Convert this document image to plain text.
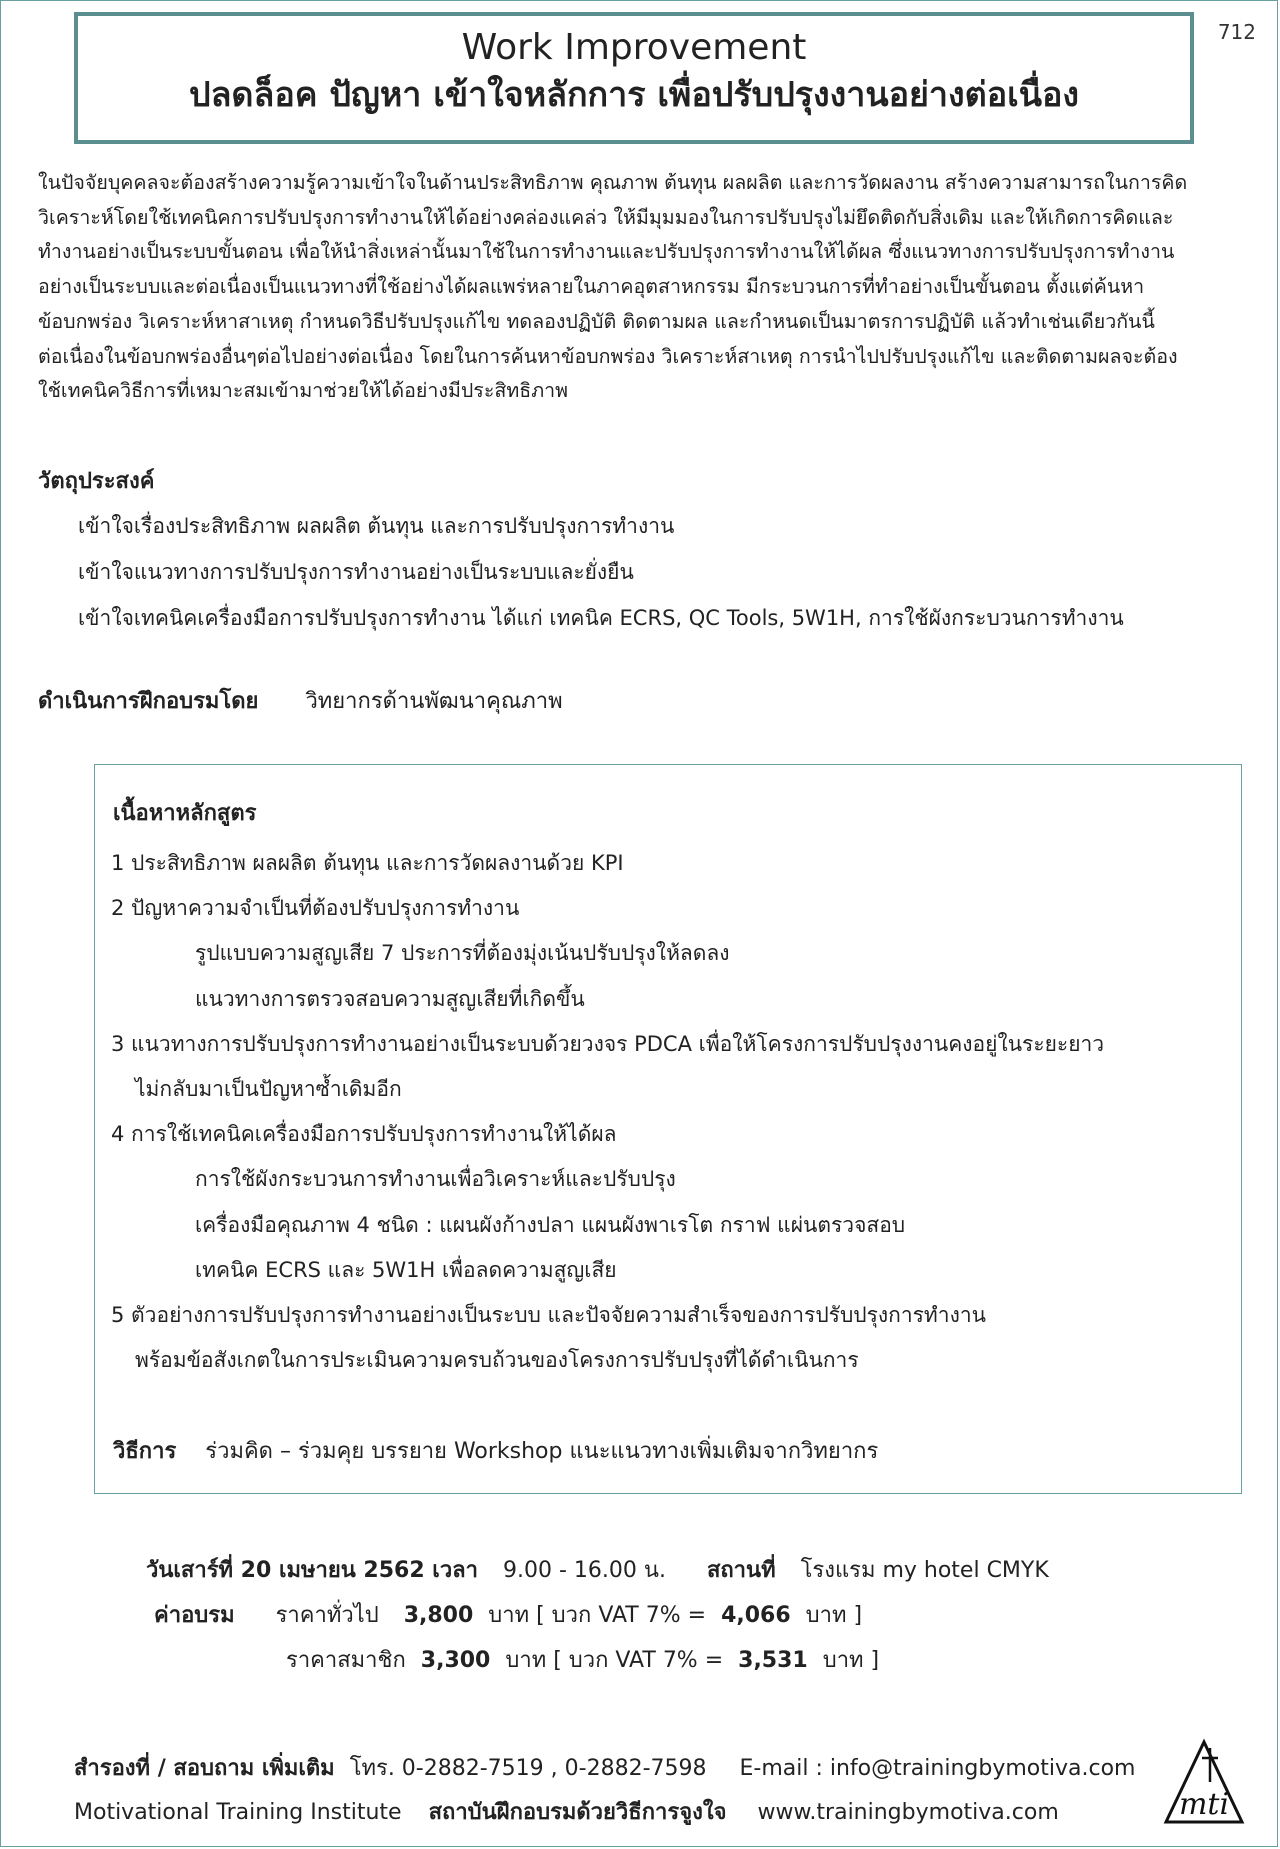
712
Work Improvement
ปลดล็อค ปัญหา เข้าใจหลักการ เพื่อปรับปรุงงานอย่างต่อเนื่อง

ในปัจจัยบุคคลจะต้องสร้างความรู้ความเข้าใจในด้านประสิทธิภาพ คุณภาพ ต้นทุน ผลผลิต และการวัดผลงาน สร้างความสามารถในการคิด

วิเคราะห์โดยใช้เทคนิคการปรับปรุงการทำงานให้ได้อย่างคล่องแคล่ว ให้มีมุมมองในการปรับปรุงไม่ยึดติดกับสิ่งเดิม และให้เกิดการคิดและ

ทำงานอย่างเป็นระบบขั้นตอน เพื่อให้นำสิ่งเหล่านั้นมาใช้ในการทำงานและปรับปรุงการทำงานให้ได้ผล ซึ่งแนวทางการปรับปรุงการทำงาน

อย่างเป็นระบบและต่อเนื่องเป็นแนวทางที่ใช้อย่างได้ผลแพร่หลายในภาคอุตสาหกรรม มีกระบวนการที่ทำอย่างเป็นขั้นตอน ตั้งแต่ค้นหา

ข้อบกพร่อง วิเคราะห์หาสาเหตุ กำหนดวิธีปรับปรุงแก้ไข ทดลองปฏิบัติ ติดตามผล และกำหนดเป็นมาตรการปฏิบัติ แล้วทำเช่นเดียวกันนี้

ต่อเนื่องในข้อบกพร่องอื่นๆต่อไปอย่างต่อเนื่อง โดยในการค้นหาข้อบกพร่อง วิเคราะห์สาเหตุ การนำไปปรับปรุงแก้ไข และติดตามผลจะต้อง

ใช้เทคนิควิธีการที่เหมาะสมเข้ามาช่วยให้ได้อย่างมีประสิทธิภาพ

วัตถุประสงค์
เข้าใจเรื่องประสิทธิภาพ ผลผลิต ต้นทุน และการปรับปรุงการทำงาน
เข้าใจแนวทางการปรับปรุงการทำงานอย่างเป็นระบบและยั่งยืน
เข้าใจเทคนิคเครื่องมือการปรับปรุงการทำงาน ได้แก่ เทคนิค ECRS, QC Tools, 5W1H, การใช้ผังกระบวนการทำงาน
ดำเนินการฝึกอบรมโดย วิทยากรด้านพัฒนาคุณภาพ
เนื้อหาหลักสูตร
1 ประสิทธิภาพ ผลผลิต ต้นทุน และการวัดผลงานด้วย KPI
2 ปัญหาความจำเป็นที่ต้องปรับปรุงการทำงาน
รูปแบบความสูญเสีย 7 ประการที่ต้องมุ่งเน้นปรับปรุงให้ลดลง
แนวทางการตรวจสอบความสูญเสียที่เกิดขึ้น
3 แนวทางการปรับปรุงการทำงานอย่างเป็นระบบด้วยวงจร PDCA เพื่อให้โครงการปรับปรุงงานคงอยู่ในระยะยาว
ไม่กลับมาเป็นปัญหาซ้ำเดิมอีก
4 การใช้เทคนิคเครื่องมือการปรับปรุงการทำงานให้ได้ผล
การใช้ผังกระบวนการทำงานเพื่อวิเคราะห์และปรับปรุง
เครื่องมือคุณภาพ 4 ชนิด : แผนผังก้างปลา แผนผังพาเรโต กราฟ แผ่นตรวจสอบ
เทคนิค ECRS และ 5W1H เพื่อลดความสูญเสีย
5 ตัวอย่างการปรับปรุงการทำงานอย่างเป็นระบบ และปัจจัยความสำเร็จของการปรับปรุงการทำงาน
พร้อมข้อสังเกตในการประเมินความครบถ้วนของโครงการปรับปรุงที่ได้ดำเนินการ
วิธีการ ร่วมคิด – ร่วมคุย บรรยาย Workshop แนะแนวทางเพิ่มเติมจากวิทยากร
วันเสาร์ที่ 20 เมษายน 2562 เวลา 9.00 - 16.00 น. สถานที่ โรงแรม my hotel CMYK
ค่าอบรม ราคาทั่วไป 3,800 บาท [ บวก VAT 7% = 4,066 บาท ]
ราคาสมาชิก 3,300 บาท [ บวก VAT 7% = 3,531 บาท ]
สำรองที่ / สอบถาม เพิ่มเติม โทร. 0-2882-7519 , 0-2882-7598 E-mail : info@trainingbymotiva.com
Motivational Training Institute สถาบันฝึกอบรมด้วยวิธีการจูงใจ www.trainingbymotiva.com	mti
